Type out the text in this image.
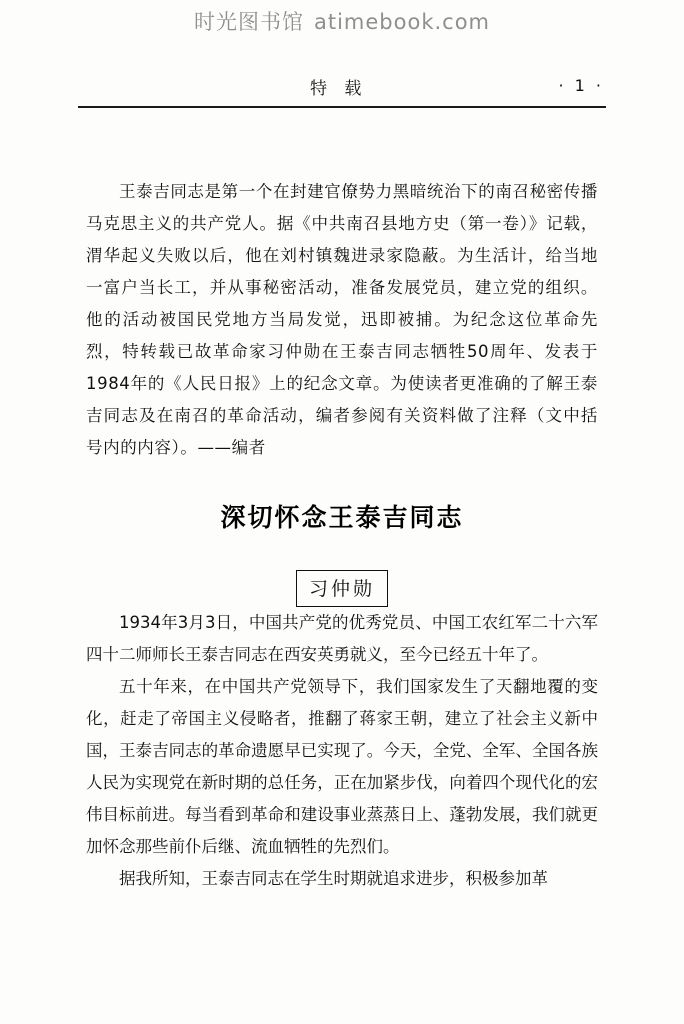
时光图书馆 atimebook.com
特 载	· 1 ·

王泰吉同志是第一个在封建官僚势力黑暗统治下的南召秘密传播马克思主义的共产党人。据《中共南召县地方史（第一卷）》记载，渭华起义失败以后，他在刘村镇魏进录家隐蔽。为生活计，给当地一富户当长工，并从事秘密活动，准备发展党员，建立党的组织。他的活动被国民党地方当局发觉，迅即被捕。为纪念这位革命先烈，特转载已故革命家习仲勋在王泰吉同志牺牲50周年、发表于1984年的《人民日报》上的纪念文章。为使读者更准确的了解王泰吉同志及在南召的革命活动，编者参阅有关资料做了注释（文中括号内的内容）。——编者

深切怀念王泰吉同志
习仲勋

1934年3月3日，中国共产党的优秀党员、中国工农红军二十六军四十二师师长王泰吉同志在西安英勇就义，至今已经五十年了。

五十年来，在中国共产党领导下，我们国家发生了天翻地覆的变化，赶走了帝国主义侵略者，推翻了蒋家王朝，建立了社会主义新中国，王泰吉同志的革命遗愿早已实现了。今天，全党、全军、全国各族人民为实现党在新时期的总任务，正在加紧步伐，向着四个现代化的宏伟目标前进。每当看到革命和建设事业蒸蒸日上、蓬勃发展，我们就更加怀念那些前仆后继、流血牺牲的先烈们。

据我所知，王泰吉同志在学生时期就追求进步，积极参加革
